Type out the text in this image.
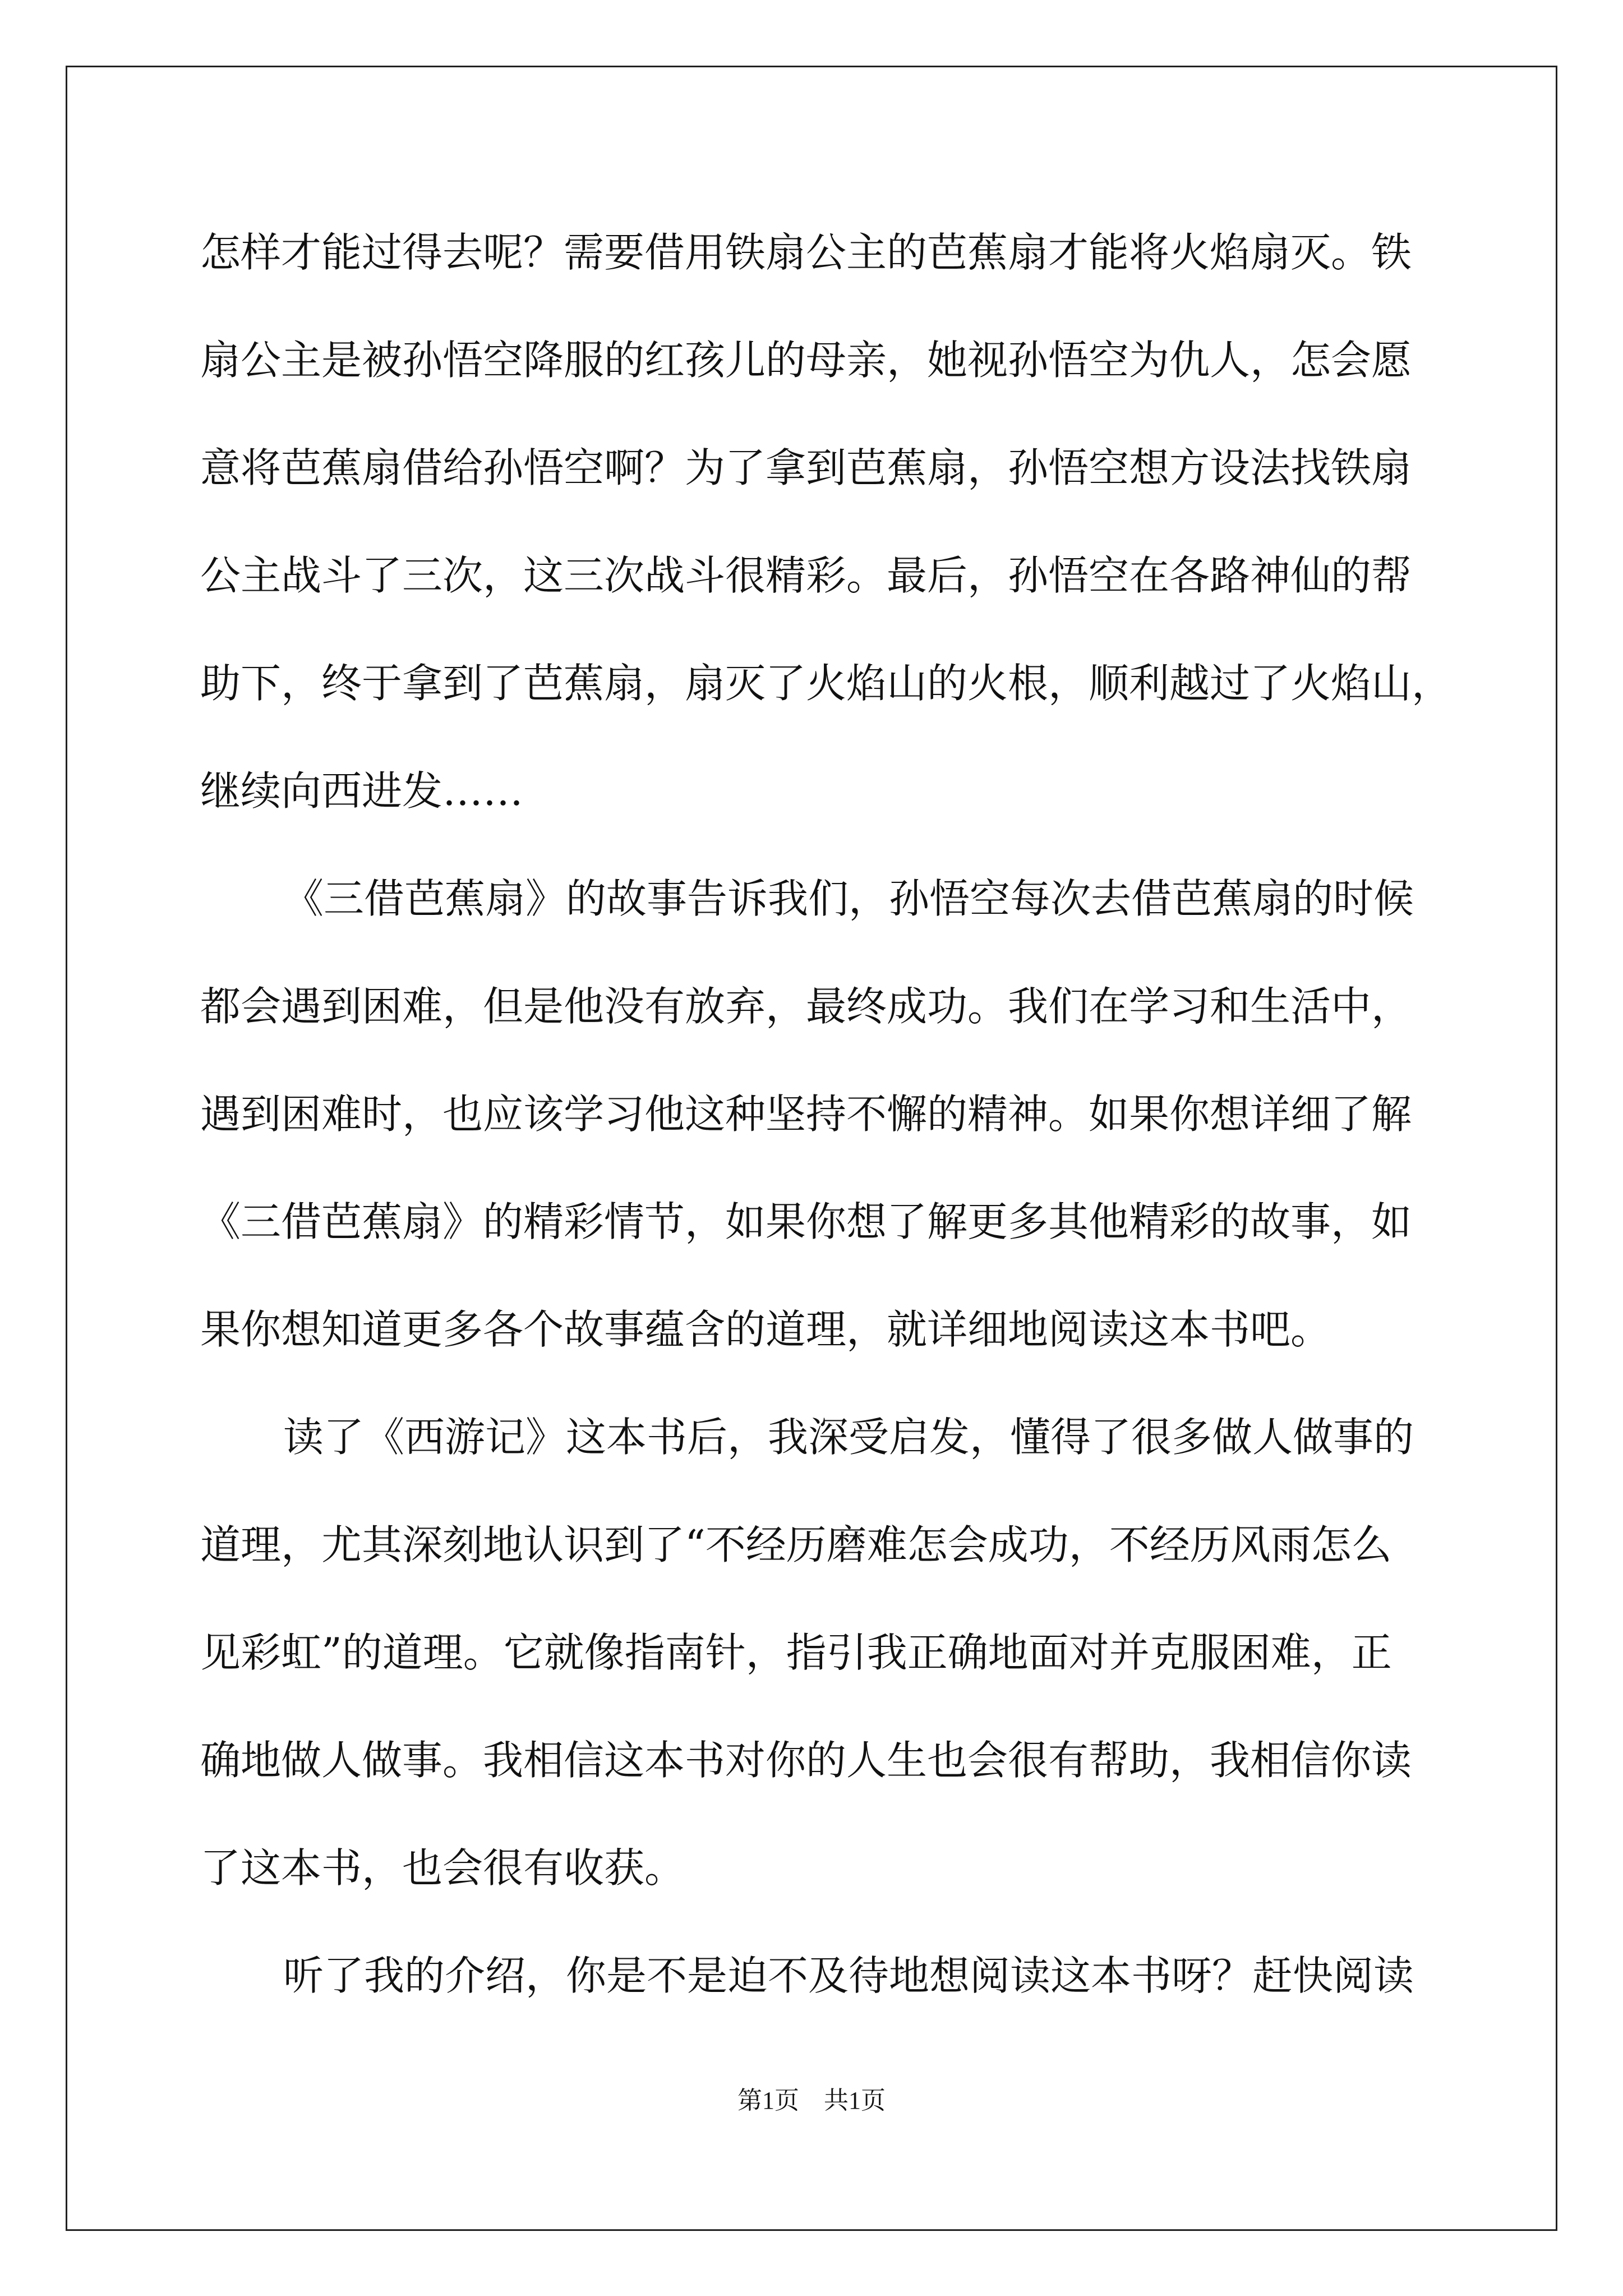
怎样才能过得去呢？需要借用铁扇公主的芭蕉扇才能将火焰扇灭。铁
扇公主是被孙悟空降服的红孩儿的母亲，她视孙悟空为仇人，怎会愿
意将芭蕉扇借给孙悟空啊？为了拿到芭蕉扇，孙悟空想方设法找铁扇
公主战斗了三次，这三次战斗很精彩。最后，孙悟空在各路神仙的帮
助下，终于拿到了芭蕉扇，扇灭了火焰山的火根，顺利越过了火焰山，
继续向西进发……
《三借芭蕉扇》的故事告诉我们，孙悟空每次去借芭蕉扇的时候
都会遇到困难，但是他没有放弃，最终成功。我们在学习和生活中，
遇到困难时，也应该学习他这种坚持不懈的精神。如果你想详细了解
《三借芭蕉扇》的精彩情节，如果你想了解更多其他精彩的故事，如
果你想知道更多各个故事蕴含的道理，就详细地阅读这本书吧。
读了《西游记》这本书后，我深受启发，懂得了很多做人做事的
道理，尤其深刻地认识到了“不经历磨难怎会成功，不经历风雨怎么
见彩虹”的道理。它就像指南针，指引我正确地面对并克服困难，正
确地做人做事。我相信这本书对你的人生也会很有帮助，我相信你读
了这本书，也会很有收获。
听了我的介绍，你是不是迫不及待地想阅读这本书呀？赶快阅读
第1页　共1页
